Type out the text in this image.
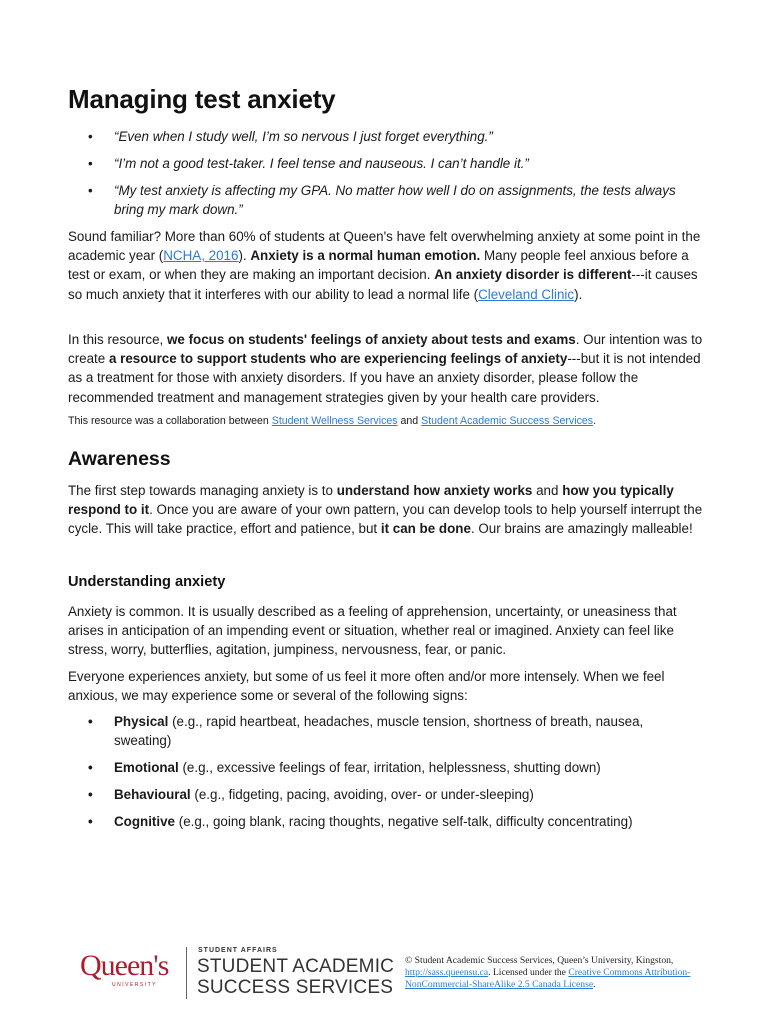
Managing test anxiety
• “Even when I study well, I’m so nervous I just forget everything.”
• “I’m not a good test-taker. I feel tense and nauseous. I can’t handle it.”
• “My test anxiety is affecting my GPA. No matter how well I do on assignments, the tests always bring my mark down.”

Sound familiar? More than 60% of students at Queen's have felt overwhelming anxiety at some point in the academic year (NCHA, 2016). Anxiety is a normal human emotion. Many people feel anxious before a test or exam, or when they are making an important decision. An anxiety disorder is different---it causes so much anxiety that it interferes with our ability to lead a normal life (Cleveland Clinic).

In this resource, we focus on students' feelings of anxiety about tests and exams. Our intention was to create a resource to support students who are experiencing feelings of anxiety---but it is not intended as a treatment for those with anxiety disorders. If you have an anxiety disorder, please follow the recommended treatment and management strategies given by your health care providers.

This resource was a collaboration between Student Wellness Services and Student Academic Success Services.

Awareness

The first step towards managing anxiety is to understand how anxiety works and how you typically respond to it. Once you are aware of your own pattern, you can develop tools to help yourself interrupt the cycle. This will take practice, effort and patience, but it can be done. Our brains are amazingly malleable!

Understanding anxiety

Anxiety is common. It is usually described as a feeling of apprehension, uncertainty, or uneasiness that arises in anticipation of an impending event or situation, whether real or imagined. Anxiety can feel like stress, worry, butterflies, agitation, jumpiness, nervousness, fear, or panic.

Everyone experiences anxiety, but some of us feel it more often and/or more intensely. When we feel anxious, we may experience some or several of the following signs:

• Physical (e.g., rapid heartbeat, headaches, muscle tension, shortness of breath, nausea, sweating)
• Emotional (e.g., excessive feelings of fear, irritation, helplessness, shutting down)
• Behavioural (e.g., fidgeting, pacing, avoiding, over- or under-sleeping)
• Cognitive (e.g., going blank, racing thoughts, negative self-talk, difficulty concentrating)
Queen's
UNIVERSITY
STUDENT AFFAIRS
STUDENT ACADEMIC
SUCCESS SERVICES
© Student Academic Success Services, Queen’s University, Kingston,
http://sass.queensu.ca. Licensed under the Creative Commons Attribution-NonCommercial-ShareAlike 2.5 Canada License.
